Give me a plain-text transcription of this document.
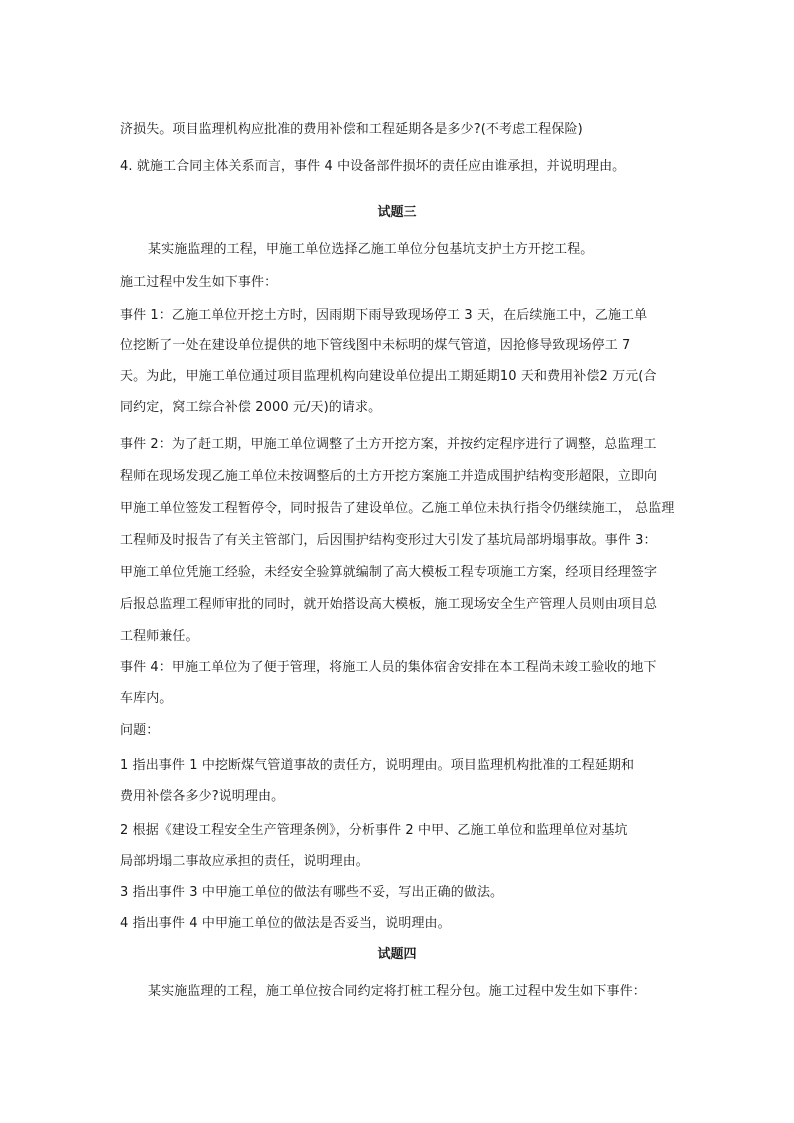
济损失。项目监理机构应批准的费用补偿和工程延期各是多少?(不考虑工程保险)
4. 就施工合同主体关系而言，事件 4 中设备部件损坏的责任应由谁承担，并说明理由。
试题三
某实施监理的工程，甲施工单位选择乙施工单位分包基坑支护土方开挖工程。
施工过程中发生如下事件：
事件 1：乙施工单位开挖土方时，因雨期下雨导致现场停工 3 天，在后续施工中，乙施工单
位挖断了一处在建设单位提供的地下管线图中未标明的煤气管道，因抢修导致现场停工 7
天。为此，甲施工单位通过项目监理机构向建设单位提出工期延期10 天和费用补偿2 万元(合
同约定，窝工综合补偿 2000 元/天)的请求。
事件 2：为了赶工期，甲施工单位调整了土方开挖方案，并按约定程序进行了调整，总监理工
程师在现场发现乙施工单位未按调整后的土方开挖方案施工并造成围护结构变形超限，立即向
甲施工单位签发工程暂停令，同时报告了建设单位。乙施工单位未执行指令仍继续施工， 总监理
工程师及时报告了有关主管部门，后因围护结构变形过大引发了基坑局部坍塌事故。事件 3：
甲施工单位凭施工经验，未经安全验算就编制了高大模板工程专项施工方案，经项目经理签字
后报总监理工程师审批的同时，就开始搭设高大模板，施工现场安全生产管理人员则由项目总
工程师兼任。
事件 4：甲施工单位为了便于管理，将施工人员的集体宿舍安排在本工程尚未竣工验收的地下
车库内。
问题：
1 指出事件 1 中挖断煤气管道事故的责任方，说明理由。项目监理机构批准的工程延期和
费用补偿各多少?说明理由。
2 根据《建设工程安全生产管理条例》，分析事件 2 中甲、乙施工单位和监理单位对基坑
局部坍塌二事故应承担的责任，说明理由。
3 指出事件 3 中甲施工单位的做法有哪些不妥，写出正确的做法。
4 指出事件 4 中甲施工单位的做法是否妥当，说明理由。
试题四
某实施监理的工程，施工单位按合同约定将打桩工程分包。施工过程中发生如下事件：
